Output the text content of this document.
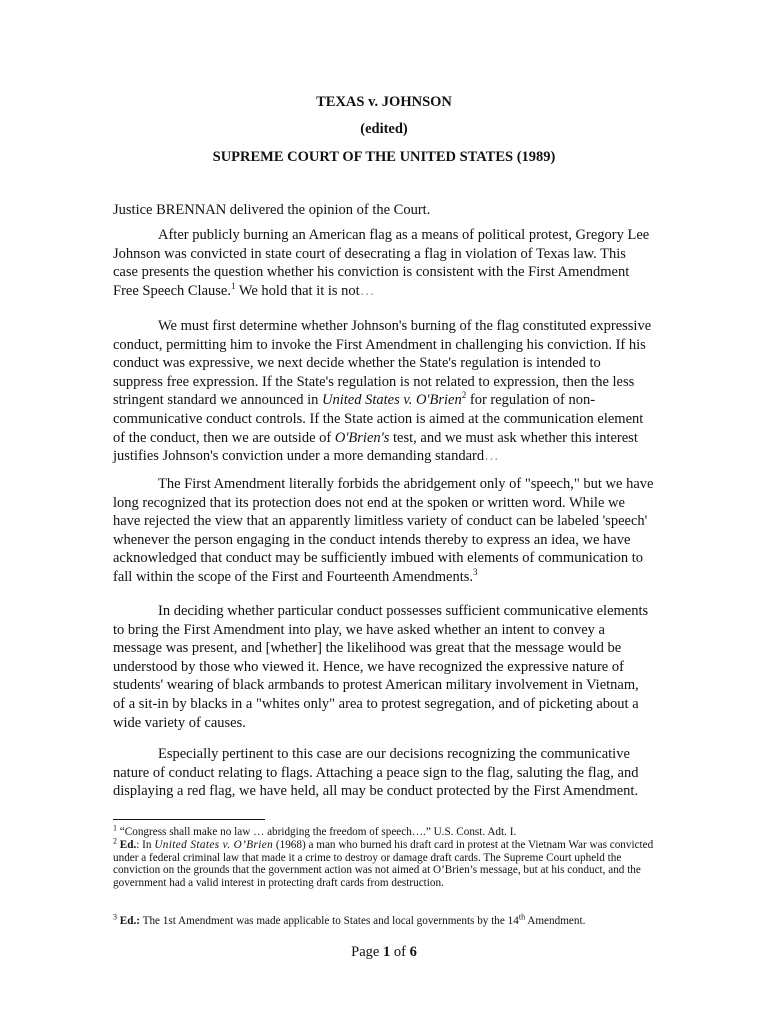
TEXAS v. JOHNSON
(edited)
SUPREME COURT OF THE UNITED STATES (1989)
Justice BRENNAN delivered the opinion of the Court.

After publicly burning an American flag as a means of political protest, Gregory Lee Johnson was convicted in state court of desecrating a flag in violation of Texas law. This case presents the question whether his conviction is consistent with the First Amendment Free Speech Clause.$^1$ We hold that it is not…

We must first determine whether Johnson's burning of the flag constituted expressive conduct, permitting him to invoke the First Amendment in challenging his conviction. If his conduct was expressive, we next decide whether the State's regulation is intended to suppress free expression. If the State's regulation is not related to expression, then the less stringent standard we announced in United States v. O'Brien$^2$ for regulation of non-communicative conduct controls. If the State action is aimed at the communication element of the conduct, then we are outside of O'Brien's test, and we must ask whether this interest justifies Johnson's conviction under a more demanding standard…

The First Amendment literally forbids the abridgement only of "speech," but we have long recognized that its protection does not end at the spoken or written word. While we have rejected the view that an apparently limitless variety of conduct can be labeled 'speech' whenever the person engaging in the conduct intends thereby to express an idea, we have acknowledged that conduct may be sufficiently imbued with elements of communication to fall within the scope of the First and Fourteenth Amendments.$^3$

In deciding whether particular conduct possesses sufficient communicative elements to bring the First Amendment into play, we have asked whether an intent to convey a message was present, and [whether] the likelihood was great that the message would be understood by those who viewed it. Hence, we have recognized the expressive nature of students' wearing of black armbands to protest American military involvement in Vietnam, of a sit-in by blacks in a "whites only" area to protest segregation, and of picketing about a wide variety of causes.

Especially pertinent to this case are our decisions recognizing the communicative nature of conduct relating to flags. Attaching a peace sign to the flag, saluting the flag, and displaying a red flag, we have held, all may be conduct protected by the First Amendment.

$^1$ “Congress shall make no law … abridging the freedom of speech….” U.S. Const. Adt. I.
$^2$ Ed.: In United States v. O’Brien (1968) a man who burned his draft card in protest at the Vietnam War was convicted under a federal criminal law that made it a crime to destroy or damage draft cards. The Supreme Court upheld the conviction on the grounds that the government action was not aimed at O’Brien’s message, but at his conduct, and the government had a valid interest in protecting draft cards from destruction.
$^3$ Ed.: The 1st Amendment was made applicable to States and local governments by the 14th Amendment.
Page 1 of 6
